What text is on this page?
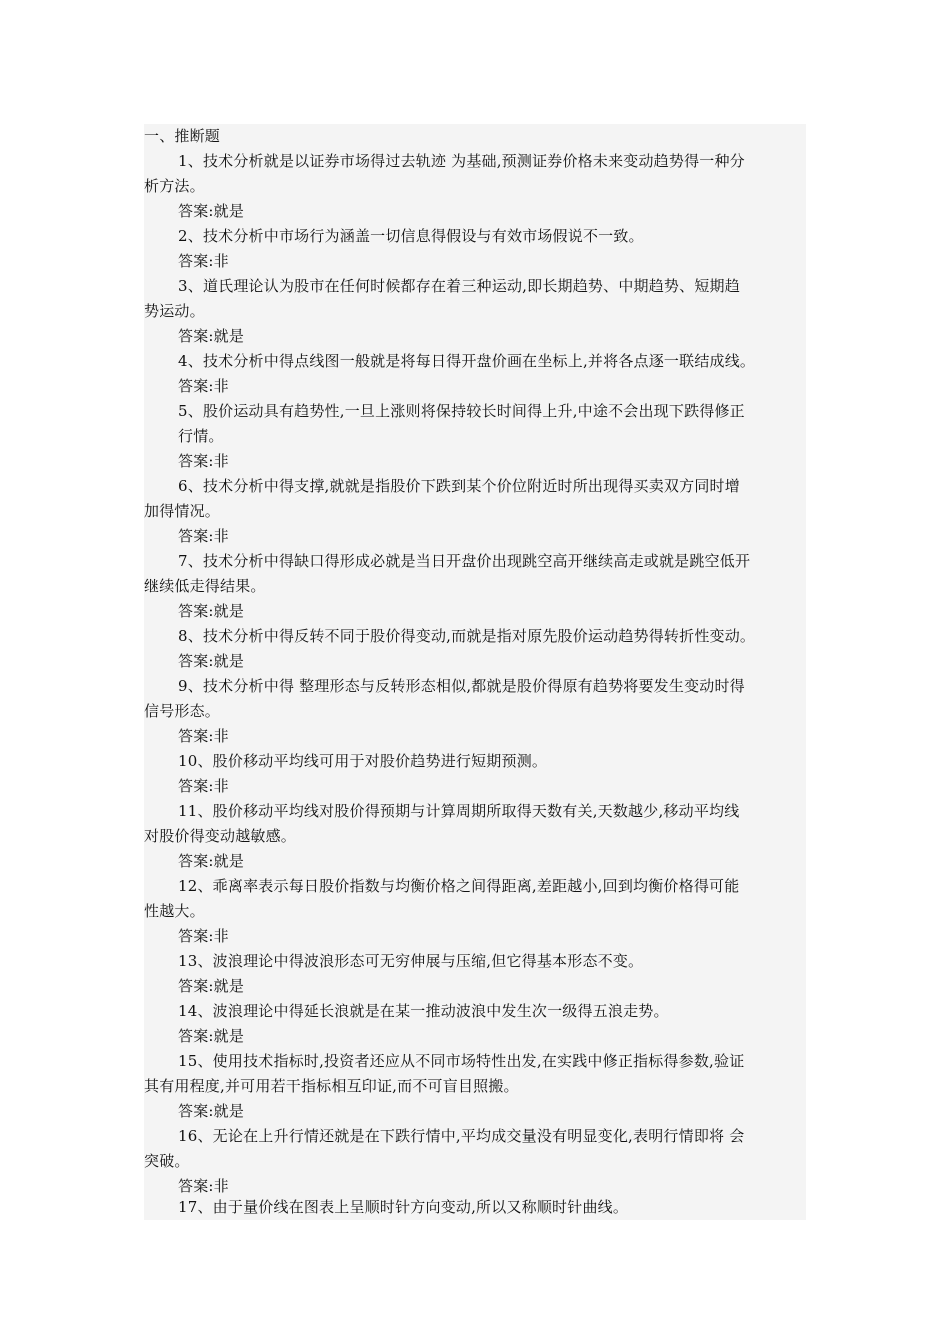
一、推断题
1、技术分析就是以证券市场得过去轨迹 为基础,预测证券价格未来变动趋势得一种分
析方法。
答案:就是
2、技术分析中市场行为涵盖一切信息得假设与有效市场假说不一致。
答案:非
3、道氏理论认为股市在任何时候都存在着三种运动,即长期趋势、中期趋势、短期趋
势运动。
答案:就是
4、技术分析中得点线图一般就是将每日得开盘价画在坐标上,并将各点逐一联结成线。
答案:非
5、股价运动具有趋势性,一旦上涨则将保持较长时间得上升,中途不会出现下跌得修正
行情。
答案:非
6、技术分析中得支撑,就就是指股价下跌到某个价位附近时所出现得买卖双方同时增
加得情况。
答案:非
7、技术分析中得缺口得形成必就是当日开盘价出现跳空高开继续高走或就是跳空低开
继续低走得结果。
答案:就是
8、技术分析中得反转不同于股价得变动,而就是指对原先股价运动趋势得转折性变动。
答案:就是
9、技术分析中得 整理形态与反转形态相似,都就是股价得原有趋势将要发生变动时得
信号形态。
答案:非
10、股价移动平均线可用于对股价趋势进行短期预测。
答案:非
11、股价移动平均线对股价得预期与计算周期所取得天数有关,天数越少,移动平均线
对股价得变动越敏感。
答案:就是
12、乖离率表示每日股价指数与均衡价格之间得距离,差距越小,回到均衡价格得可能
性越大。
答案:非
13、波浪理论中得波浪形态可无穷伸展与压缩,但它得基本形态不变。
答案:就是
14、波浪理论中得延长浪就是在某一推动波浪中发生次一级得五浪走势。
答案:就是
15、使用技术指标时,投资者还应从不同市场特性出发,在实践中修正指标得参数,验证
其有用程度,并可用若干指标相互印证,而不可盲目照搬。
答案:就是
16、无论在上升行情还就是在下跌行情中,平均成交量没有明显变化,表明行情即将 会
突破。
答案:非
17、由于量价线在图表上呈顺时针方向变动,所以又称顺时针曲线。
